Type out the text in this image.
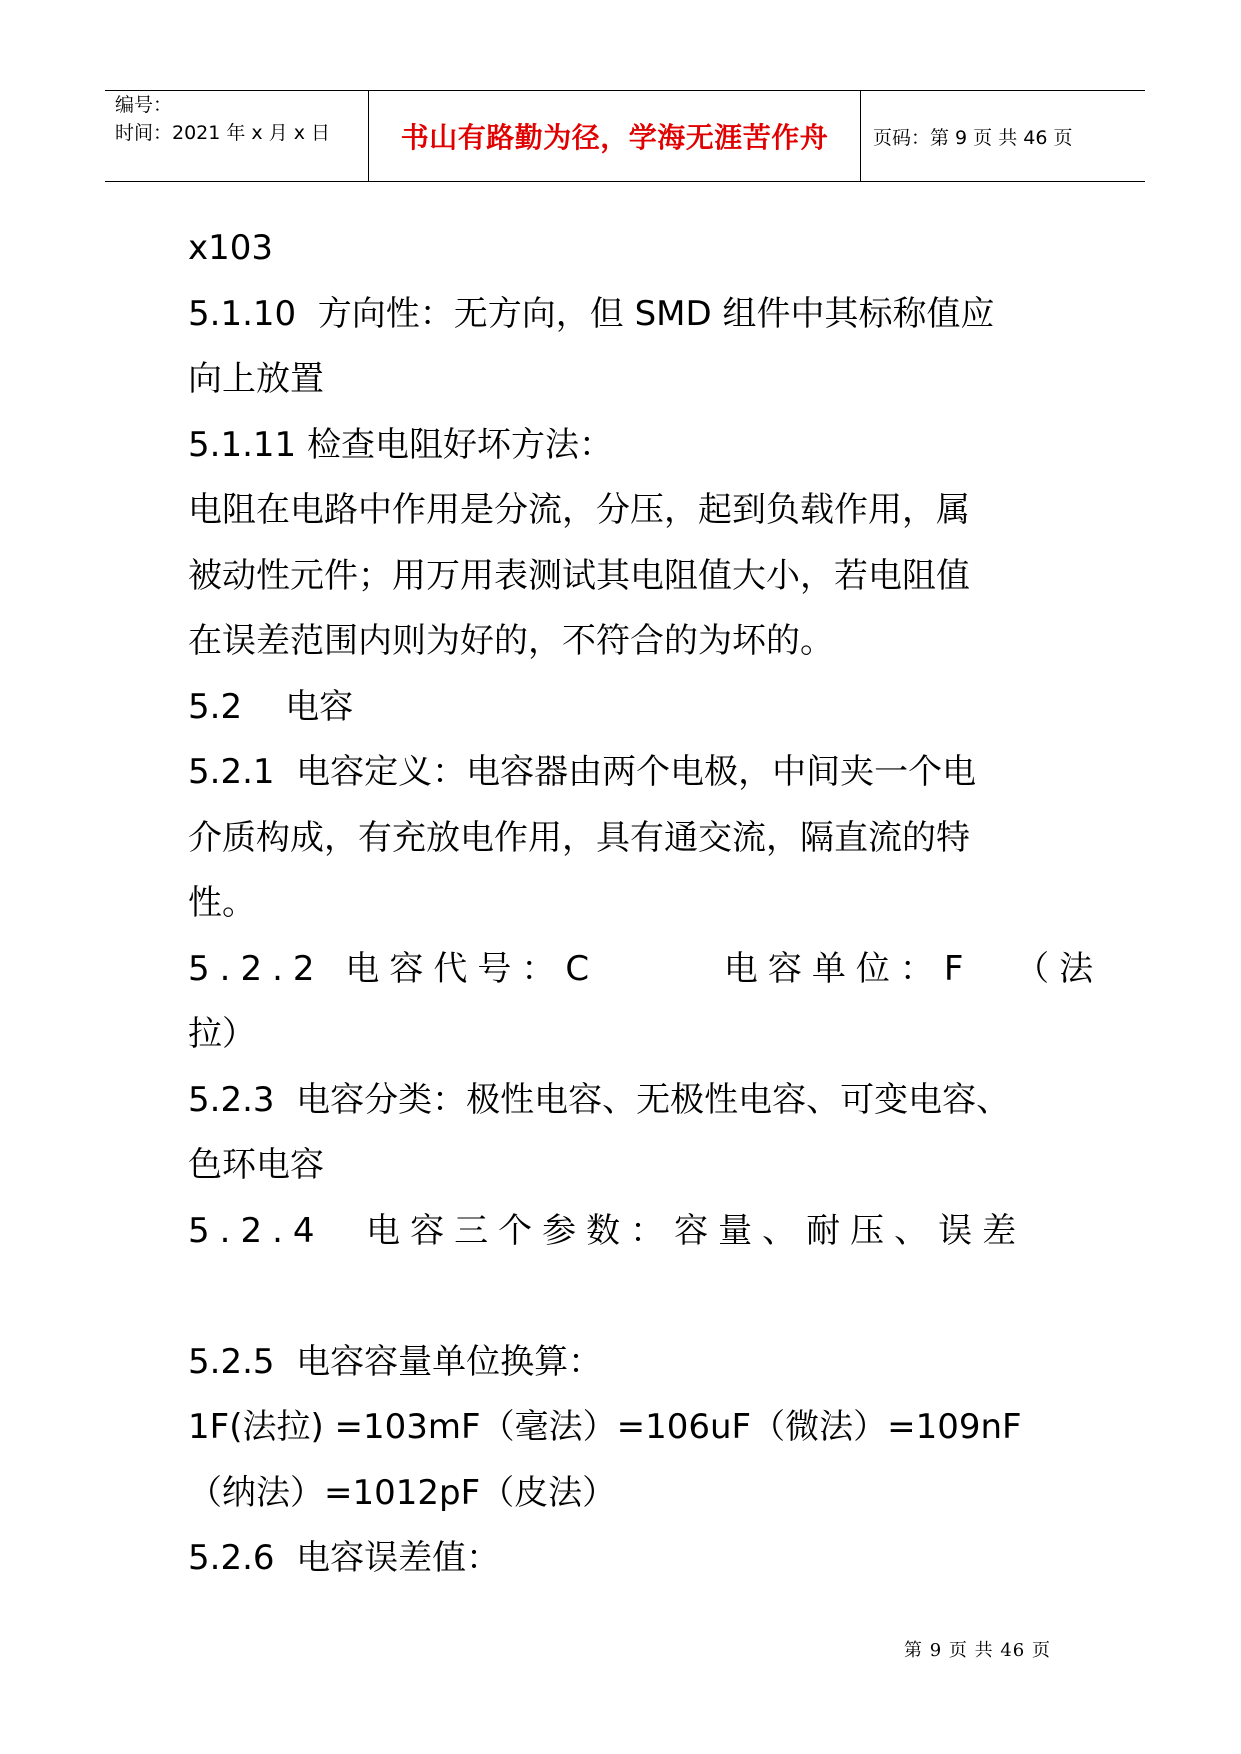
编号：
时间：2021 年 x 月 x 日	书山有路勤为径，学海无涯苦作舟 页码：第 9 页 共 46 页
x103
5.1.10  方向性：无方向，但 SMD 组件中其标称值应
向上放置
5.1.11 检查电阻好坏方法：
电阻在电路中作用是分流，分压，起到负载作用，属
被动性元件；用万用表测试其电阻值大小，若电阻值
在误差范围内则为好的，不符合的为坏的。
5.2    电容
5.2.1  电容定义：电容器由两个电极，中间夹一个电
介质构成，有充放电作用，具有通交流，隔直流的特
性。
5.2.2 电容代号：C      电容单位：F  （法
拉）
5.2.3  电容分类：极性电容、无极性电容、可变电容、
色环电容
5.2.4  电容三个参数：容量、耐压、误差
5.2.5  电容容量单位换算：
1F(法拉) =103mF（毫法）=106uF（微法）=109nF
（纳法）=1012pF（皮法）
5.2.6  电容误差值：
第 9 页 共 46 页
